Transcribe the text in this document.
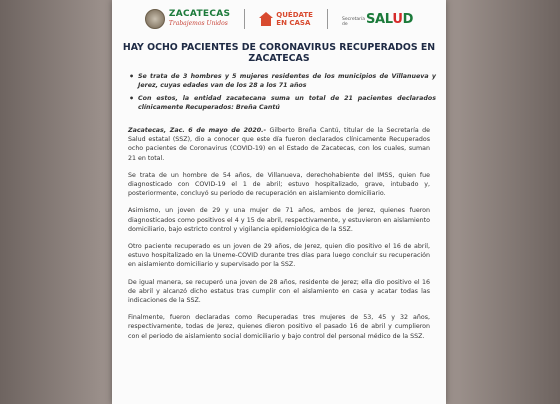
ZACATECAS
Trabajemos Unidos
QUÉDATE
EN CASA	Secretaría de	SALUD
HAY OCHO PACIENTES DE CORONAVIRUS RECUPERADOS EN ZACATECAS
• Se trata de 3 hombres y 5 mujeres residentes de los municipios de Villanueva y Jerez, cuyas edades van de los 28 a los 71 años
• Con estos, la entidad zacatecana suma un total de 21 pacientes declarados clínicamente Recuperados: Breña Cantú

Zacatecas, Zac. 6 de mayo de 2020.- Gilberto Breña Cantú, titular de la Secretaría de Salud estatal (SSZ), dio a conocer que este día fueron declarados clínicamente Recuperados ocho pacientes de Coronavirus (COVID-19) en el Estado de Zacatecas, con los cuales, suman 21 en total.

Se trata de un hombre de 54 años, de Villanueva, derechohabiente del IMSS, quien fue diagnosticado con COVID-19 el 1 de abril; estuvo hospitalizado, grave, intubado y, posteriormente, concluyó su periodo de recuperación en aislamiento domiciliario.

Asimismo, un joven de 29 y una mujer de 71 años, ambos de Jerez, quienes fueron diagnosticados como positivos el 4 y 15 de abril, respectivamente, y estuvieron en aislamiento domiciliario, bajo estricto control y vigilancia epidemiológica de la SSZ.

Otro paciente recuperado es un joven de 29 años, de Jerez, quien dio positivo el 16 de abril, estuvo hospitalizado en la Uneme-COVID durante tres días para luego concluir su recuperación en aislamiento domiciliario y supervisado por la SSZ.

De igual manera, se recuperó una joven de 28 años, residente de Jerez; ella dio positivo el 16 de abril y alcanzó dicho estatus tras cumplir con el aislamiento en casa y acatar todas las indicaciones de la SSZ.

Finalmente, fueron declaradas como Recuperadas tres mujeres de 53, 45 y 32 años, respectivamente, todas de Jerez, quienes dieron positivo el pasado 16 de abril y cumplieron con el periodo de aislamiento social domiciliario y bajo control del personal médico de la SSZ.
